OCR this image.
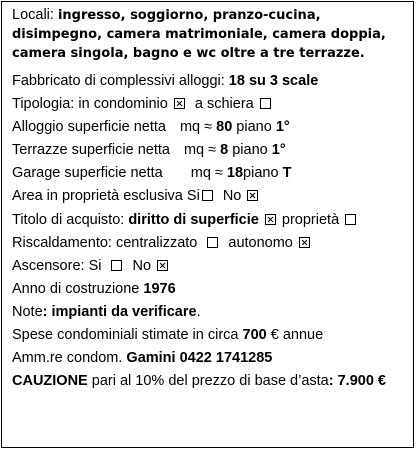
Locali: ingresso, soggiorno, pranzo-cucina, disimpegno, camera matrimoniale, camera doppia, camera singola, bagno e wc oltre a tre terrazze.

Fabbricato di complessivi alloggi: 18 su 3 scale
Tipologia: in condominio a schiera
Alloggio superficie netta mq ≈ 80 piano 1°
Terrazze superficie netta mq ≈ 8 piano 1°
Garage superficie netta mq ≈ 18piano T
Area in proprietà esclusiva Si No
Titolo di acquisto: diritto di superficie proprietà
Riscaldamento: centralizzato autonomo
Ascensore: Si No
Anno di costruzione 1976
Note: impianti da verificare.
Spese condominiali stimate in circa 700 € annue
Amm.re condom. Gamini 0422 1741285
CAUZIONE pari al 10% del prezzo di base d’asta: 7.900 €
